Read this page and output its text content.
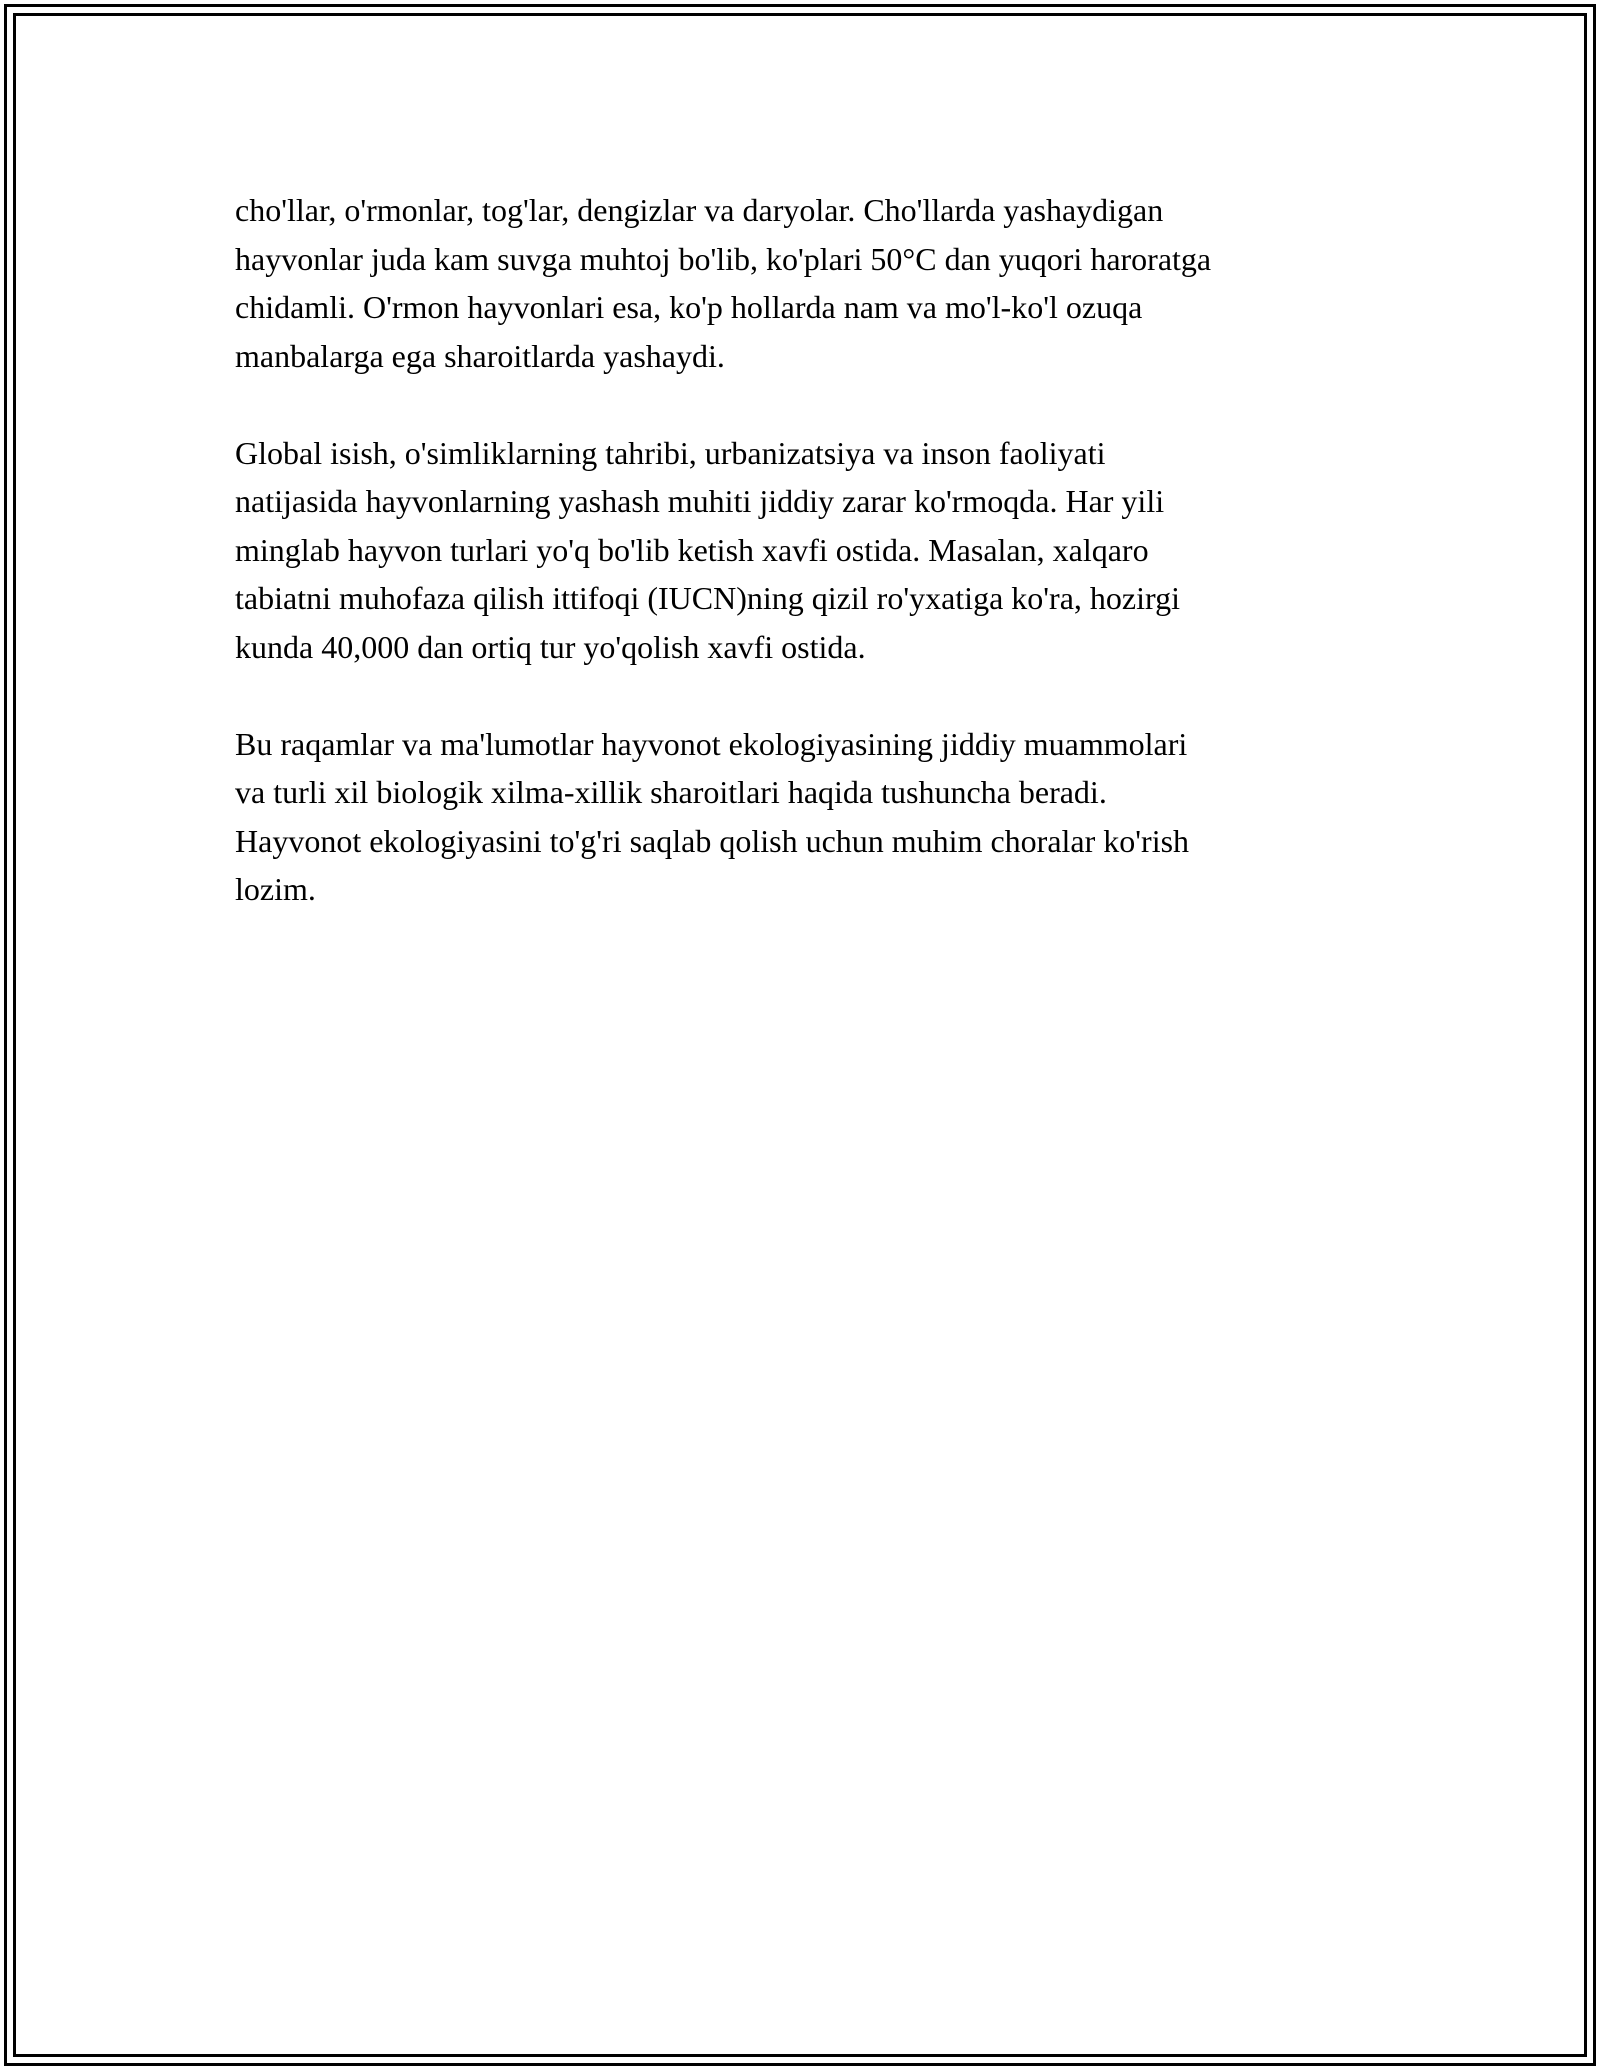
cho'llar, o'rmonlar, tog'lar, dengizlar va daryolar. Cho'llarda yashaydigan
hayvonlar juda kam suvga muhtoj bo'lib, ko'plari 50°C dan yuqori haroratga
chidamli. O'rmon hayvonlari esa, ko'p hollarda nam va mo'l-ko'l ozuqa
manbalarga ega sharoitlarda yashaydi.

Global isish, o'simliklarning tahribi, urbanizatsiya va inson faoliyati
natijasida hayvonlarning yashash muhiti jiddiy zarar ko'rmoqda. Har yili
minglab hayvon turlari yo'q bo'lib ketish xavfi ostida. Masalan, xalqaro
tabiatni muhofaza qilish ittifoqi (IUCN)ning qizil ro'yxatiga ko'ra, hozirgi
kunda 40,000 dan ortiq tur yo'qolish xavfi ostida.

Bu raqamlar va ma'lumotlar hayvonot ekologiyasining jiddiy muammolari
va turli xil biologik xilma-xillik sharoitlari haqida tushuncha beradi.
Hayvonot ekologiyasini to'g'ri saqlab qolish uchun muhim choralar ko'rish
lozim.
